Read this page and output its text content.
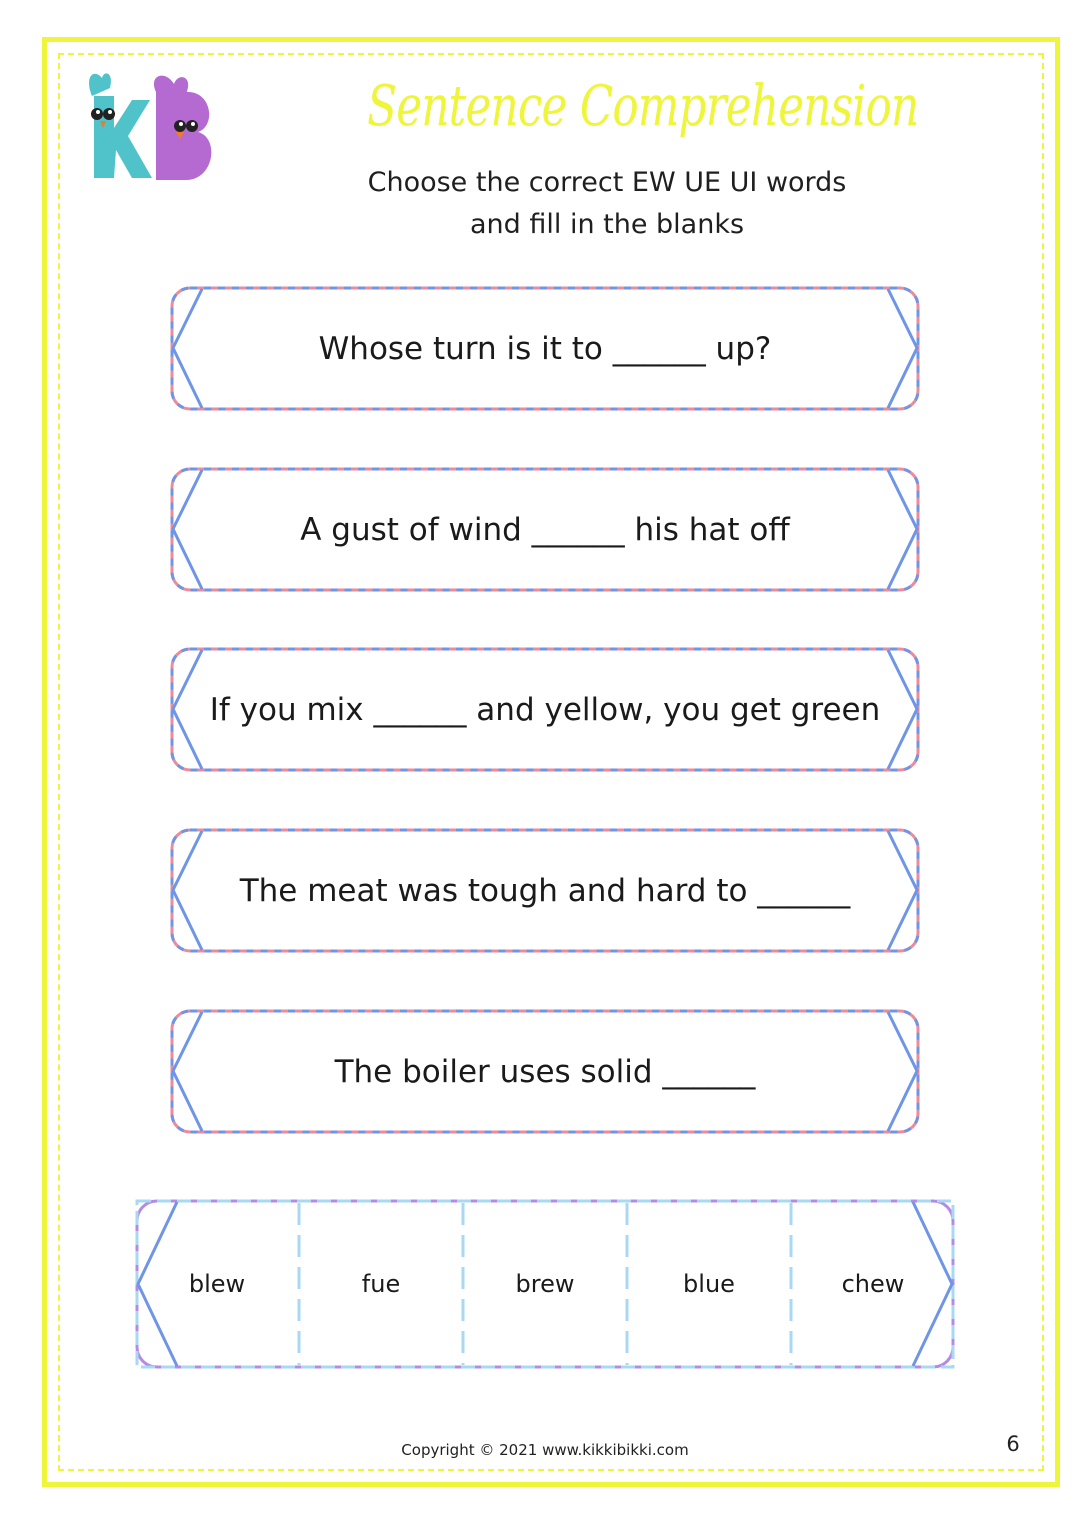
Sentence Comprehension
Choose the correct EW UE UI words
and fill in the blanks
Whose turn is it to ______ up?
A gust of wind ______ his hat off
If you mix ______ and yellow, you get green
The meat was tough and hard to ______
The boiler uses solid ______
blew	fue	brew	blue	chew
Copyright © 2021 www.kikkibikki.com	6
